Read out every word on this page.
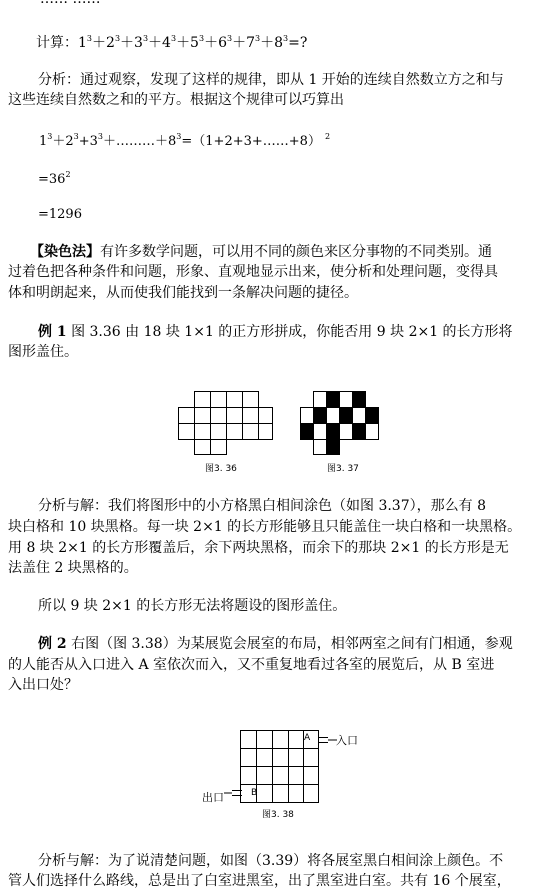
计算：$1^3+2^3+3^3+4^3+5^3+6^3+7^3+8^3=$?
分析：通过观察，发现了这样的规律，即从 1 开始的连续自然数立方之和与
这些连续自然数之和的平方。根据这个规律可以巧算出
$1^3+2^3+3^3+\dots\dots\dots+8^3=(1+2+3+\dots\dots+8)$ $^2$
$=36^2$
=1296
【染色法】有许多数学问题，可以用不同的颜色来区分事物的不同类别。通
过着色把各种条件和问题，形象、直观地显示出来，使分析和处理问题，变得具
体和明朗起来，从而使我们能找到一条解决问题的捷径。
例 1 图 3.36 由 18 块 1×1 的正方形拼成，你能否用 9 块 2×1 的长方形将
图形盖住。
图3. 36	图3. 37
分析与解：我们将图形中的小方格黑白相间涂色（如图 3.37），那么有 8
块白格和 10 块黑格。每一块 2×1 的长方形能够且只能盖住一块白格和一块黑格。
用 8 块 2×1 的长方形覆盖后，余下两块黑格，而余下的那块 2×1 的长方形是无
法盖住 2 块黑格的。
所以 9 块 2×1 的长方形无法将题设的图形盖住。
例 2 右图（图 3.38）为某展览会展室的布局，相邻两室之间有门相通，参观
的人能否从入口进入 A 室依次而入，又不重复地看过各室的展览后，从 B 室进
入出口处？
A
B
入口
出口
图3. 38
分析与解：为了说清楚问题，如图（3.39）将各展室黑白相间涂上颜色。不
管人们选择什么路线，总是出了白室进黑室，出了黑室进白室。共有 16 个展室，
